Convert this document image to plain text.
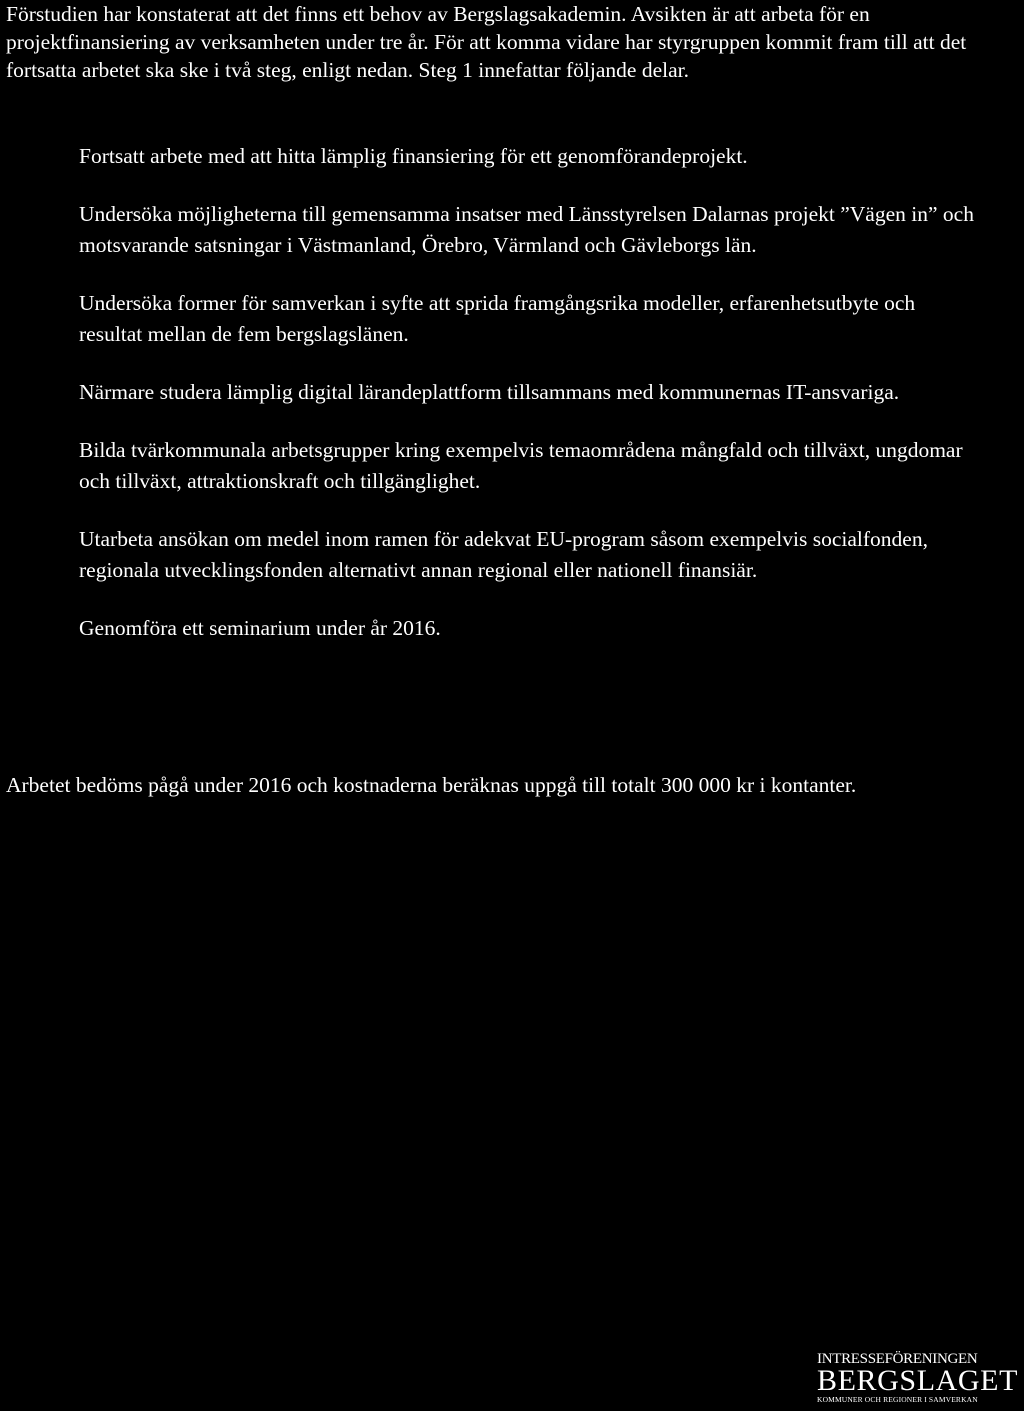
Förstudien har konstaterat att det finns ett behov av Bergslagsakademin. Avsikten är att arbeta för en projektfinansiering av verksamheten under tre år. För att komma vidare har styrgruppen kommit fram till att det fortsatta arbetet ska ske i två steg, enligt nedan. Steg 1 innefattar följande delar.

Fortsatt arbete med att hitta lämplig finansiering för ett genomförandeprojekt.
Undersöka möjligheterna till gemensamma insatser med Länsstyrelsen Dalarnas projekt ”Vägen in” och motsvarande satsningar i Västmanland, Örebro, Värmland och Gävleborgs län.
Undersöka former för samverkan i syfte att sprida framgångsrika modeller, erfarenhetsutbyte och resultat mellan de fem bergslagslänen.
Närmare studera lämplig digital lärandeplattform tillsammans med kommunernas IT-ansvariga.
Bilda tvärkommunala arbetsgrupper kring exempelvis temaområdena mångfald och tillväxt, ungdomar och tillväxt, attraktionskraft och tillgänglighet.
Utarbeta ansökan om medel inom ramen för adekvat EU-program såsom exempelvis socialfonden, regionala utvecklingsfonden alternativt annan regional eller nationell finansiär.
Genomföra ett seminarium under år 2016.

Arbetet bedöms pågå under 2016 och kostnaderna beräknas uppgå till totalt 300 000 kr i kontanter.

INTRESSEFÖRENINGEN
BERGSLAGET
KOMMUNER OCH REGIONER I SAMVERKAN
